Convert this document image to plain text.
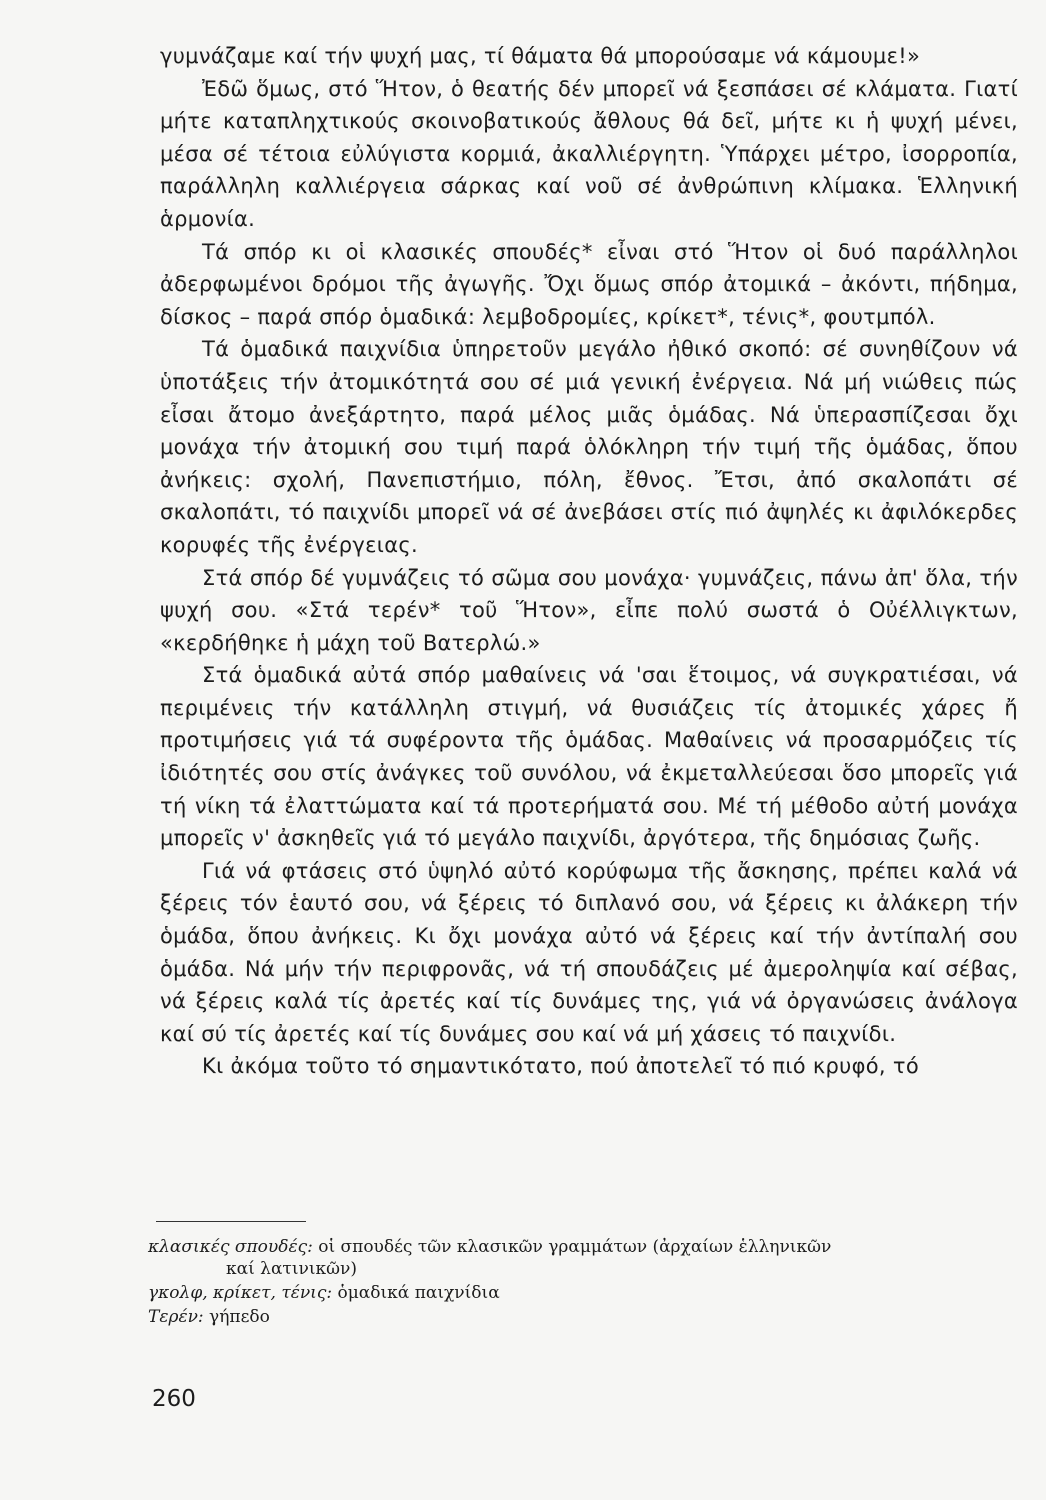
γυμνάζαμε καί τήν ψυχή μας, τί θάματα θά μπορούσαμε νά κάμουμε!»

Ἐδῶ ὅμως, στό Ἥτον, ὁ θεατής δέν μπορεῖ νά ξεσπάσει σέ κλάματα. Γιατί μήτε καταπληχτικούς σκοινοβατικούς ἄθλους θά δεῖ, μήτε κι ἡ ψυχή μένει, μέσα σέ τέτοια εὐλύγιστα κορμιά, ἀκαλλιέργητη. Ὑπάρχει μέτρο, ἰσορροπία, παράλληλη καλλιέργεια σάρκας καί νοῦ σέ ἀνθρώπινη κλίμακα. Ἑλληνική ἁρμονία.

Τά σπόρ κι οἱ κλασικές σπουδές* εἶναι στό Ἥτον οἱ δυό παράλληλοι ἀδερφωμένοι δρόμοι τῆς ἀγωγῆς. Ὄχι ὅμως σπόρ ἀτομικά – ἀκόντι, πήδημα, δίσκος – παρά σπόρ ὁμαδικά: λεμβοδρομίες, κρίκετ*, τένις*, φουτμπόλ.

Τά ὁμαδικά παιχνίδια ὑπηρετοῦν μεγάλο ἠθικό σκοπό: σέ συνηθίζουν νά ὑποτάξεις τήν ἀτομικότητά σου σέ μιά γενική ἐνέργεια. Νά μή νιώθεις πώς εἶσαι ἄτομο ἀνεξάρτητο, παρά μέλος μιᾶς ὁμάδας. Νά ὑπερασπίζεσαι ὄχι μονάχα τήν ἀτομική σου τιμή παρά ὁλόκληρη τήν τιμή τῆς ὁμάδας, ὅπου ἀνήκεις: σχολή, Πανεπιστήμιο, πόλη, ἔθνος. Ἔτσι, ἀπό σκαλοπάτι σέ σκαλοπάτι, τό παιχνίδι μπορεῖ νά σέ ἀνεβάσει στίς πιό ἀψηλές κι ἀφιλόκερδες κορυφές τῆς ἐνέργειας.

Στά σπόρ δέ γυμνάζεις τό σῶμα σου μονάχα· γυμνάζεις, πάνω ἀπ' ὅλα, τήν ψυχή σου. «Στά τερέν* τοῦ Ἥτον», εἶπε πολύ σωστά ὁ Οὐέλλιγκτων, «κερδήθηκε ἡ μάχη τοῦ Βατερλώ.»

Στά ὁμαδικά αὐτά σπόρ μαθαίνεις νά 'σαι ἕτοιμος, νά συγκρατιέσαι, νά περιμένεις τήν κατάλληλη στιγμή, νά θυσιάζεις τίς ἀτομικές χάρες ἤ προτιμήσεις γιά τά συφέροντα τῆς ὁμάδας. Μαθαίνεις νά προσαρμόζεις τίς ἰδιότητές σου στίς ἀνάγκες τοῦ συνόλου, νά ἐκμεταλλεύεσαι ὅσο μπορεῖς γιά τή νίκη τά ἐλαττώματα καί τά προτερήματά σου. Μέ τή μέθοδο αὐτή μονάχα μπορεῖς ν' ἀσκηθεῖς γιά τό μεγάλο παιχνίδι, ἀργότερα, τῆς δημόσιας ζωῆς.

Γιά νά φτάσεις στό ὑψηλό αὐτό κορύφωμα τῆς ἄσκησης, πρέπει καλά νά ξέρεις τόν ἑαυτό σου, νά ξέρεις τό διπλανό σου, νά ξέρεις κι ἀλάκερη τήν ὁμάδα, ὅπου ἀνήκεις. Κι ὄχι μονάχα αὐτό νά ξέρεις καί τήν ἀντίπαλή σου ὁμάδα. Νά μήν τήν περιφρονᾶς, νά τή σπουδάζεις μέ ἀμεροληψία καί σέβας, νά ξέρεις καλά τίς ἀρετές καί τίς δυνάμες της, γιά νά ὀργανώσεις ἀνάλογα καί σύ τίς ἀρετές καί τίς δυνάμες σου καί νά μή χάσεις τό παιχνίδι.

Κι ἀκόμα τοῦτο τό σημαντικότατο, πού ἀποτελεῖ τό πιό κρυφό, τό

κλασικές σπουδές: οἱ σπουδές τῶν κλασικῶν γραμμάτων (ἀρχαίων ἑλληνικῶν
καί λατινικῶν)
γκολφ, κρίκετ, τένις: ὁμαδικά παιχνίδια
Τερέν: γήπεδο
260
